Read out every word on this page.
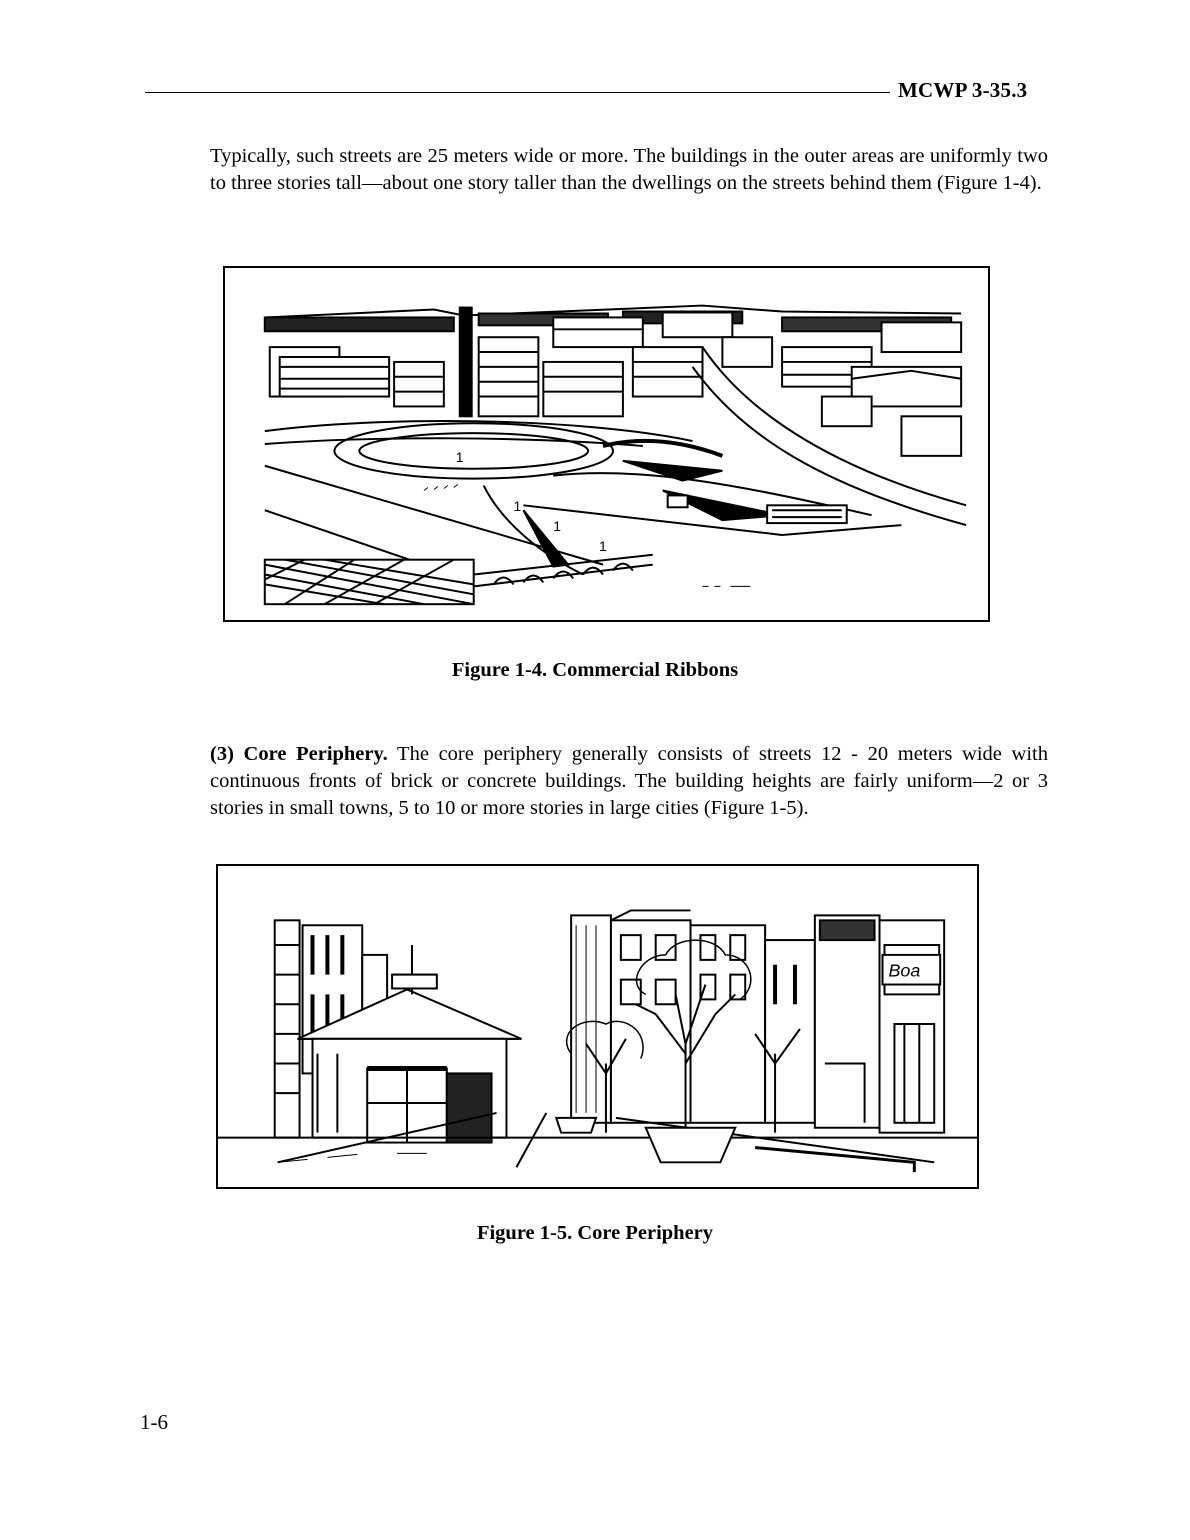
MCWP 3-35.3
Typically, such streets are 25 meters wide or more. The buildings in the outer areas are uniformly two to three stories tall—about one story taller than the dwellings on the streets behind them (Figure 1-4).
1
1
1
1
Figure 1-4. Commercial Ribbons
(3) Core Periphery. The core periphery generally consists of streets 12 - 20 meters wide with continuous fronts of brick or concrete buildings. The building heights are fairly uniform—2 or 3 stories in small towns, 5 to 10 or more stories in large cities (Figure 1-5).
Boa
Figure 1-5. Core Periphery
1-6
